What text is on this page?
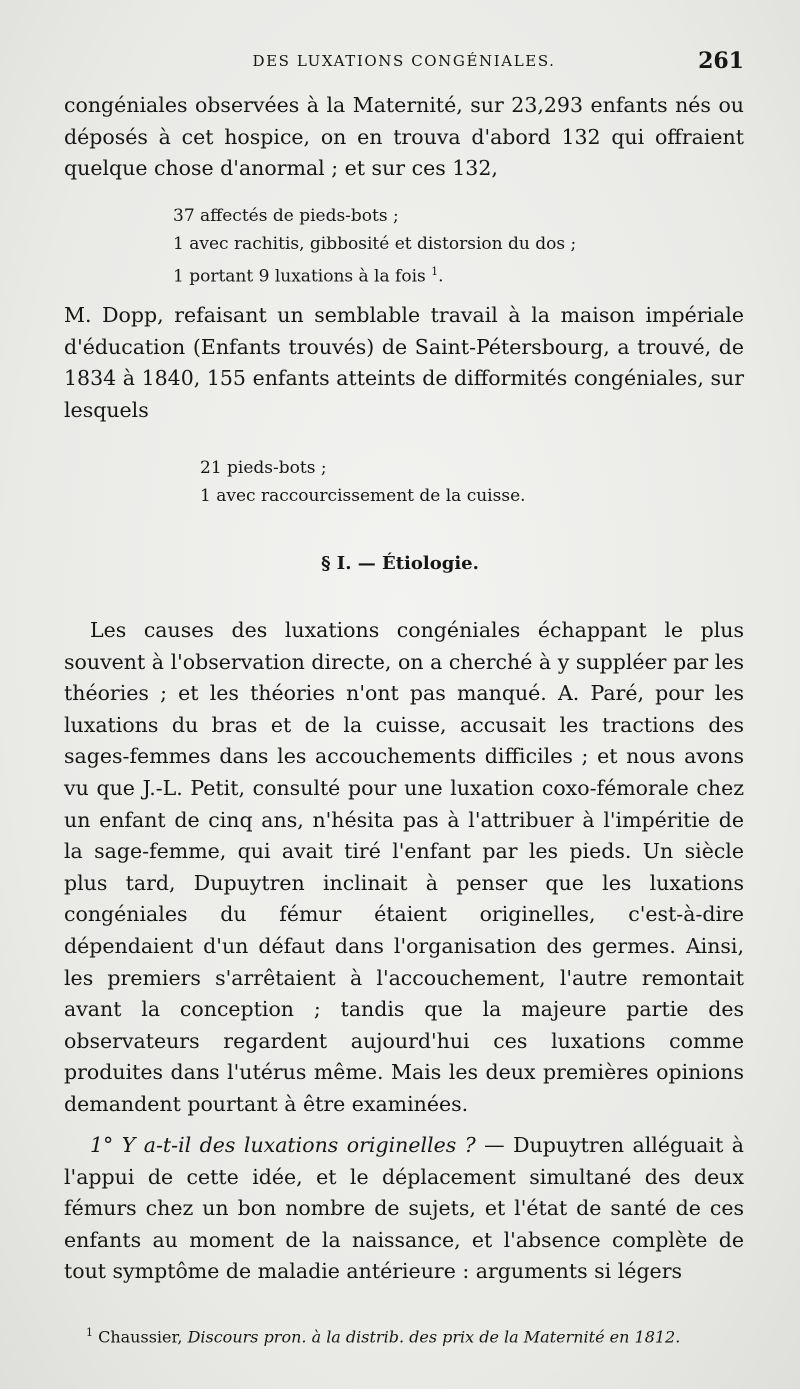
DES LUXATIONS CONGÉNIALES.	261
congéniales observées à la Maternité, sur 23,293 enfants nés ou déposés à cet hospice, on en trouva d'abord 132 qui offraient quelque chose d'anormal ; et sur ces 132,
37 affectés de pieds-bots ;
1 avec rachitis, gibbosité et distorsion du dos ;
1 portant 9 luxations à la fois $^1$.
M. Dopp, refaisant un semblable travail à la maison impériale d'éducation (Enfants trouvés) de Saint-Pétersbourg, a trouvé, de 1834 à 1840, 155 enfants atteints de difformités congéniales, sur lesquels
21 pieds-bots ;
1 avec raccourcissement de la cuisse.
§ I. — Étiologie.
Les causes des luxations congéniales échappant le plus souvent à l'observation directe, on a cherché à y suppléer par les théories ; et les théories n'ont pas manqué. A. Paré, pour les luxations du bras et de la cuisse, accusait les tractions des sages-femmes dans les accouchements difficiles ; et nous avons vu que J.-L. Petit, consulté pour une luxation coxo-fémorale chez un enfant de cinq ans, n'hésita pas à l'attribuer à l'impéritie de la sage-femme, qui avait tiré l'enfant par les pieds. Un siècle plus tard, Dupuytren inclinait à penser que les luxations congéniales du fémur étaient originelles, c'est-à-dire dépendaient d'un défaut dans l'organisation des germes. Ainsi, les premiers s'arrêtaient à l'accouchement, l'autre remontait avant la conception ; tandis que la majeure partie des observateurs regardent aujourd'hui ces luxations comme produites dans l'utérus même. Mais les deux premières opinions demandent pourtant à être examinées.
1° Y a-t-il des luxations originelles ? — Dupuytren alléguait à l'appui de cette idée, et le déplacement simultané des deux fémurs chez un bon nombre de sujets, et l'état de santé de ces enfants au moment de la naissance, et l'absence complète de tout symptôme de maladie antérieure : arguments si légers
$^1$ Chaussier, Discours pron. à la distrib. des prix de la Maternité en 1812.
